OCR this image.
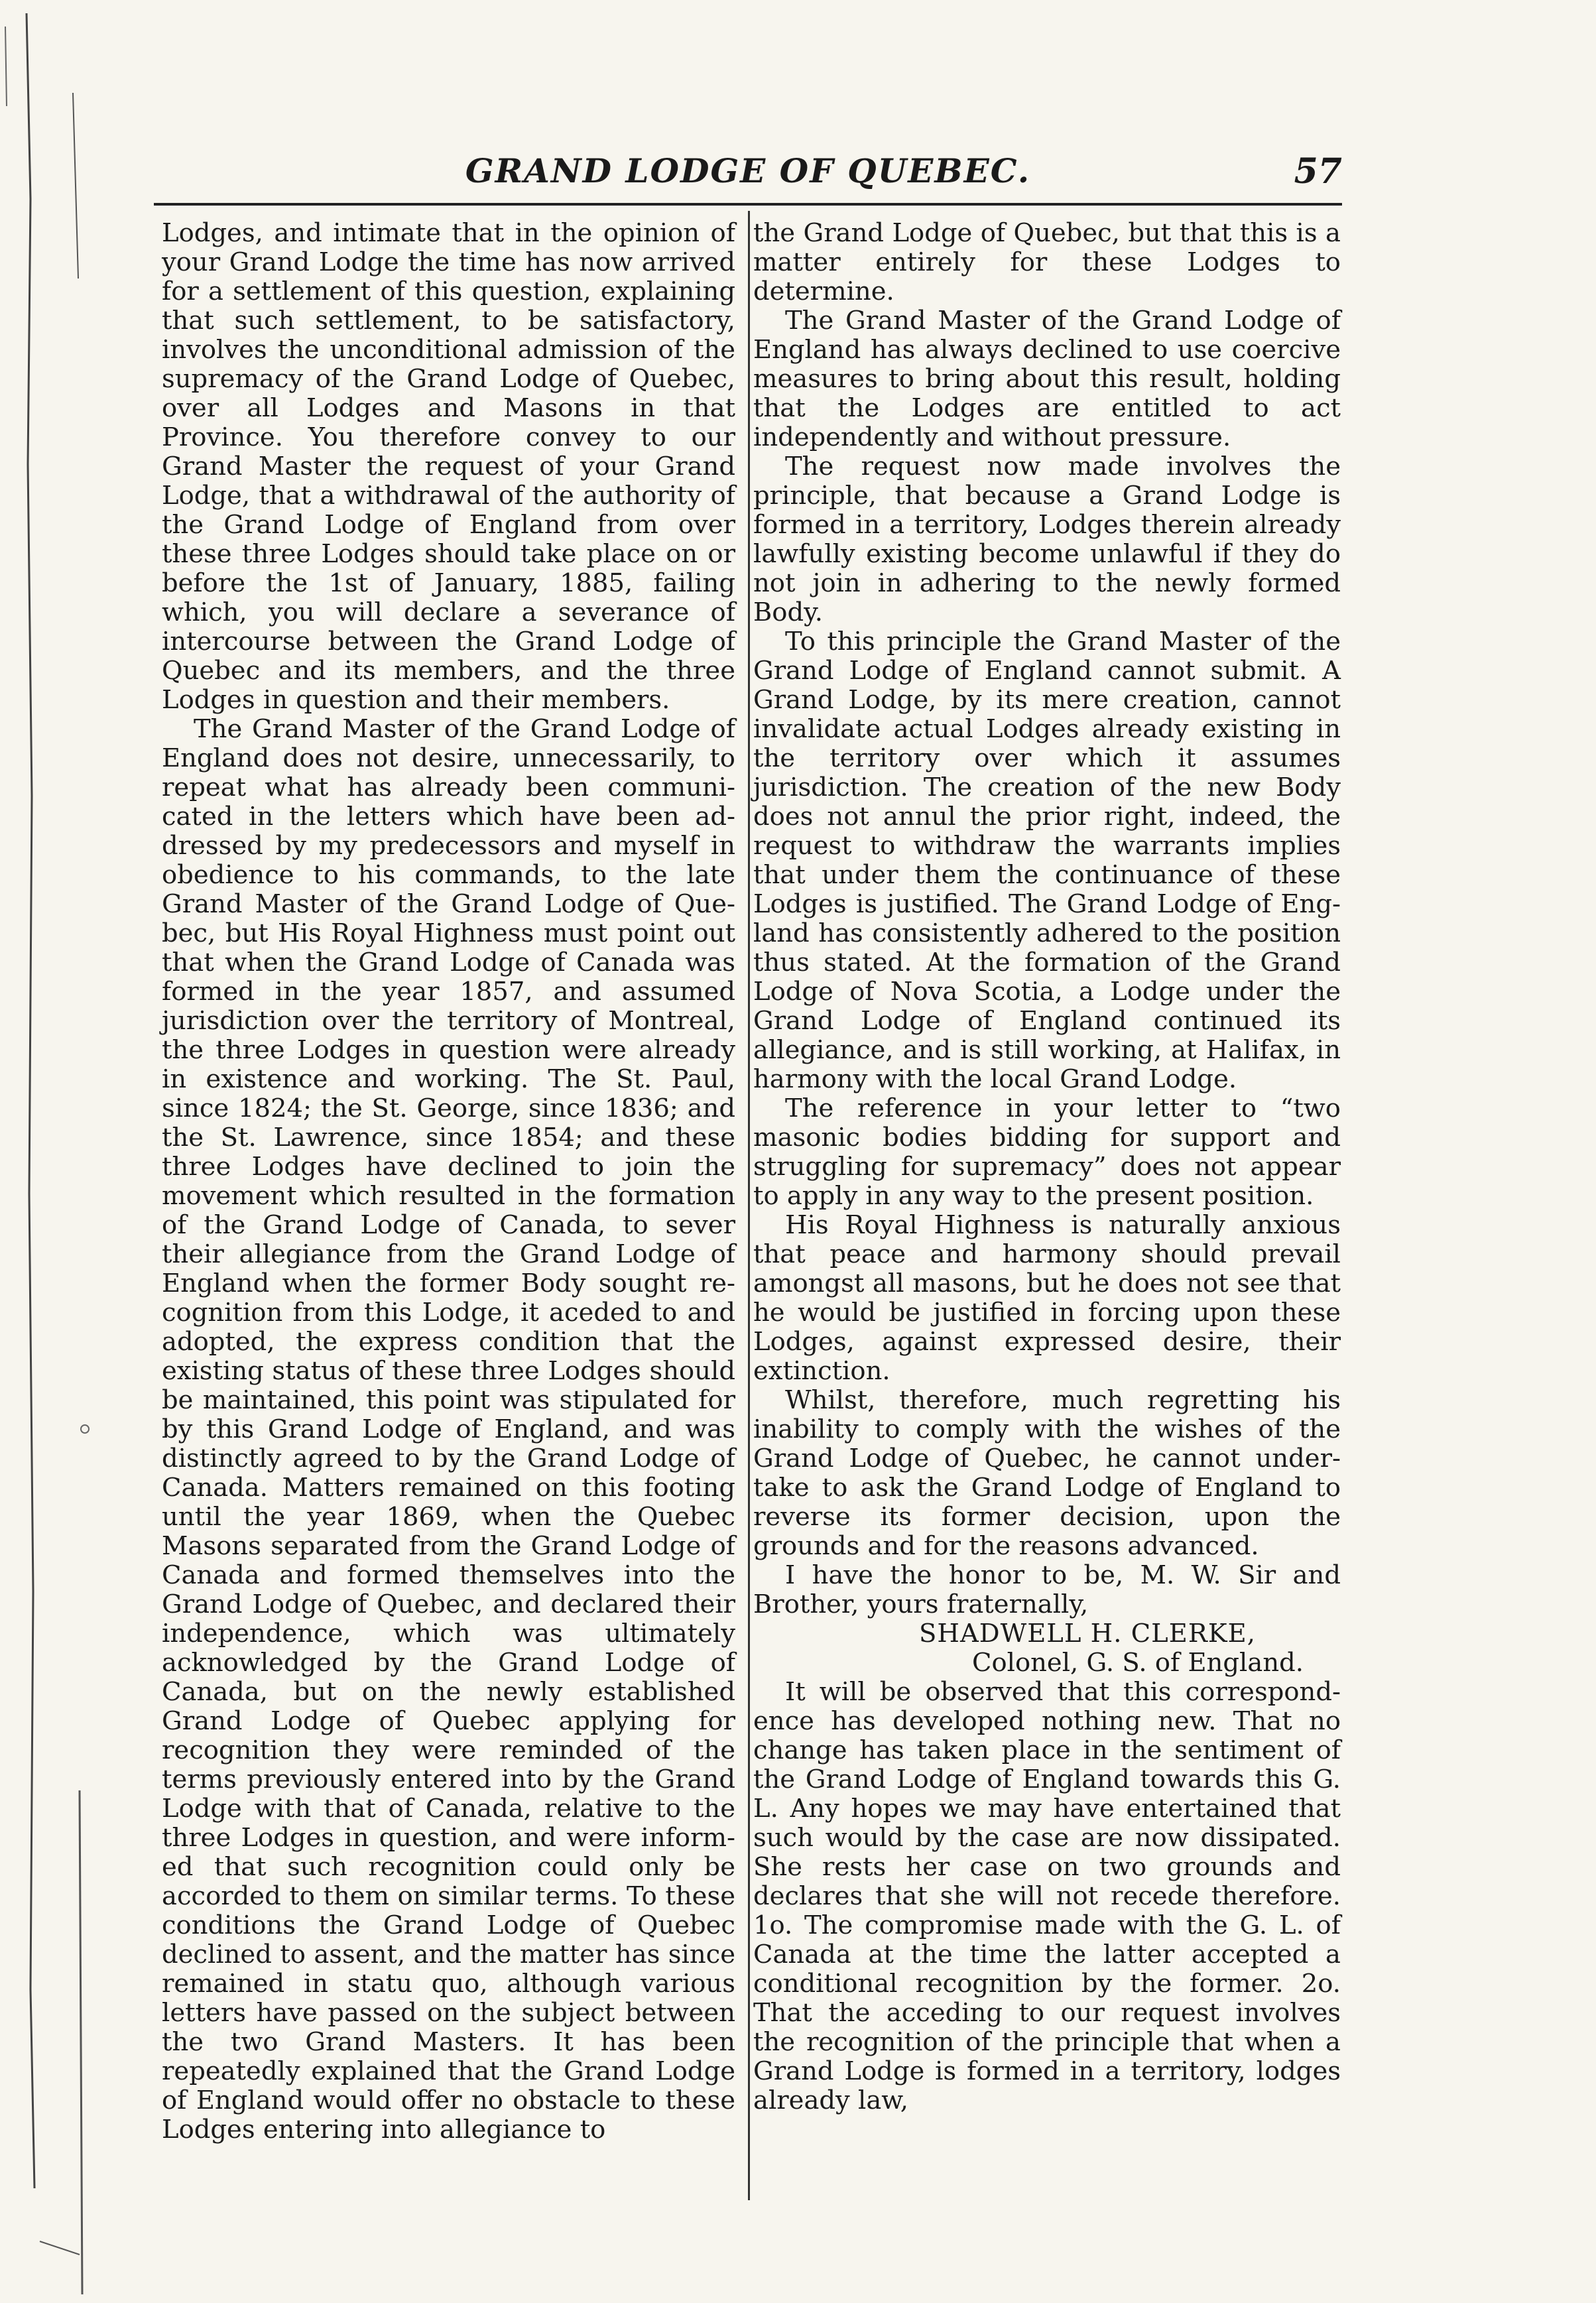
GRAND LODGE OF QUEBEC.	57

Lodges, and intimate that in the opinion of your Grand Lodge the time has now arrived for a settlement of this question, explaining that such settlement, to be satisfactory, involves the unconditional admission of the supremacy of the Grand Lodge of Quebec, over all Lodges and Masons in that Province. You therefore convey to our Grand Master the request of your Grand Lodge, that a withdrawal of the authority of the Grand Lodge of England from over these three Lodges should take place on or before the 1st of January, 1885, failing which, you will declare a severance of intercourse between the Grand Lodge of Quebec and its members, and the three Lodges in question and their members.

The Grand Master of the Grand Lodge of England does not desire, unnecessarily, to repeat what has already been communicated in the letters which have been addressed by my predecessors and myself in obedience to his commands, to the late Grand Master of the Grand Lodge of Quebec, but His Royal Highness must point out that when the Grand Lodge of Canada was formed in the year 1857, and assumed jurisdiction over the territory of Montreal, the three Lodges in question were already in existence and working. The St. Paul, since 1824; the St. George, since 1836; and the St. Lawrence, since 1854; and these three Lodges have declined to join the movement which resulted in the formation of the Grand Lodge of Canada, to sever their allegiance from the Grand Lodge of England when the former Body sought recognition from this Lodge, it aceded to and adopted, the express condition that the existing status of these three Lodges should be maintained, this point was stipulated for by this Grand Lodge of England, and was distinctly agreed to by the Grand Lodge of Canada. Matters remained on this footing until the year 1869, when the Quebec Masons separated from the Grand Lodge of Canada and formed themselves into the Grand Lodge of Quebec, and declared their independence, which was ultimately acknowledged by the Grand Lodge of Canada, but on the newly established Grand Lodge of Quebec applying for recognition they were reminded of the terms previously entered into by the Grand Lodge with that of Canada, relative to the three Lodges in question, and were informed that such recognition could only be accorded to them on similar terms. To these conditions the Grand Lodge of Quebec declined to assent, and the matter has since remained in statu quo, although various letters have passed on the subject between the two Grand Masters. It has been repeatedly explained that the Grand Lodge of England would offer no obstacle to these Lodges entering into allegiance to

the Grand Lodge of Quebec, but that this is a matter entirely for these Lodges to determine.

The Grand Master of the Grand Lodge of England has always declined to use coercive measures to bring about this result, holding that the Lodges are entitled to act independently and without pressure.

The request now made involves the principle, that because a Grand Lodge is formed in a territory, Lodges therein already lawfully existing become unlawful if they do not join in adhering to the newly formed Body.

To this principle the Grand Master of the Grand Lodge of England cannot submit. A Grand Lodge, by its mere creation, cannot invalidate actual Lodges already existing in the territory over which it assumes jurisdiction. The creation of the new Body does not annul the prior right, indeed, the request to withdraw the warrants implies that under them the continuance of these Lodges is justified. The Grand Lodge of England has consistently adhered to the position thus stated. At the formation of the Grand Lodge of Nova Scotia, a Lodge under the Grand Lodge of England continued its allegiance, and is still working, at Halifax, in harmony with the local Grand Lodge.

The reference in your letter to “two masonic bodies bidding for support and struggling for supremacy” does not appear to apply in any way to the present position.

His Royal Highness is naturally anxious that peace and harmony should prevail amongst all masons, but he does not see that he would be justified in forcing upon these Lodges, against expressed desire, their extinction.

Whilst, therefore, much regretting his inability to comply with the wishes of the Grand Lodge of Quebec, he cannot undertake to ask the Grand Lodge of England to reverse its former decision, upon the grounds and for the reasons advanced.

I have the honor to be, M. W. Sir and Brother, yours fraternally,

SHADWELL H. CLERKE,

Colonel, G. S. of England.

It will be observed that this correspondence has developed nothing new. That no change has taken place in the sentiment of the Grand Lodge of England towards this G. L. Any hopes we may have entertained that such would by the case are now dissipated. She rests her case on two grounds and declares that she will not recede therefore. 1o. The compromise made with the G. L. of Canada at the time the latter accepted a conditional recognition by the former. 2o. That the acceding to our request involves the recognition of the principle that when a Grand Lodge is formed in a territory, lodges already law,
